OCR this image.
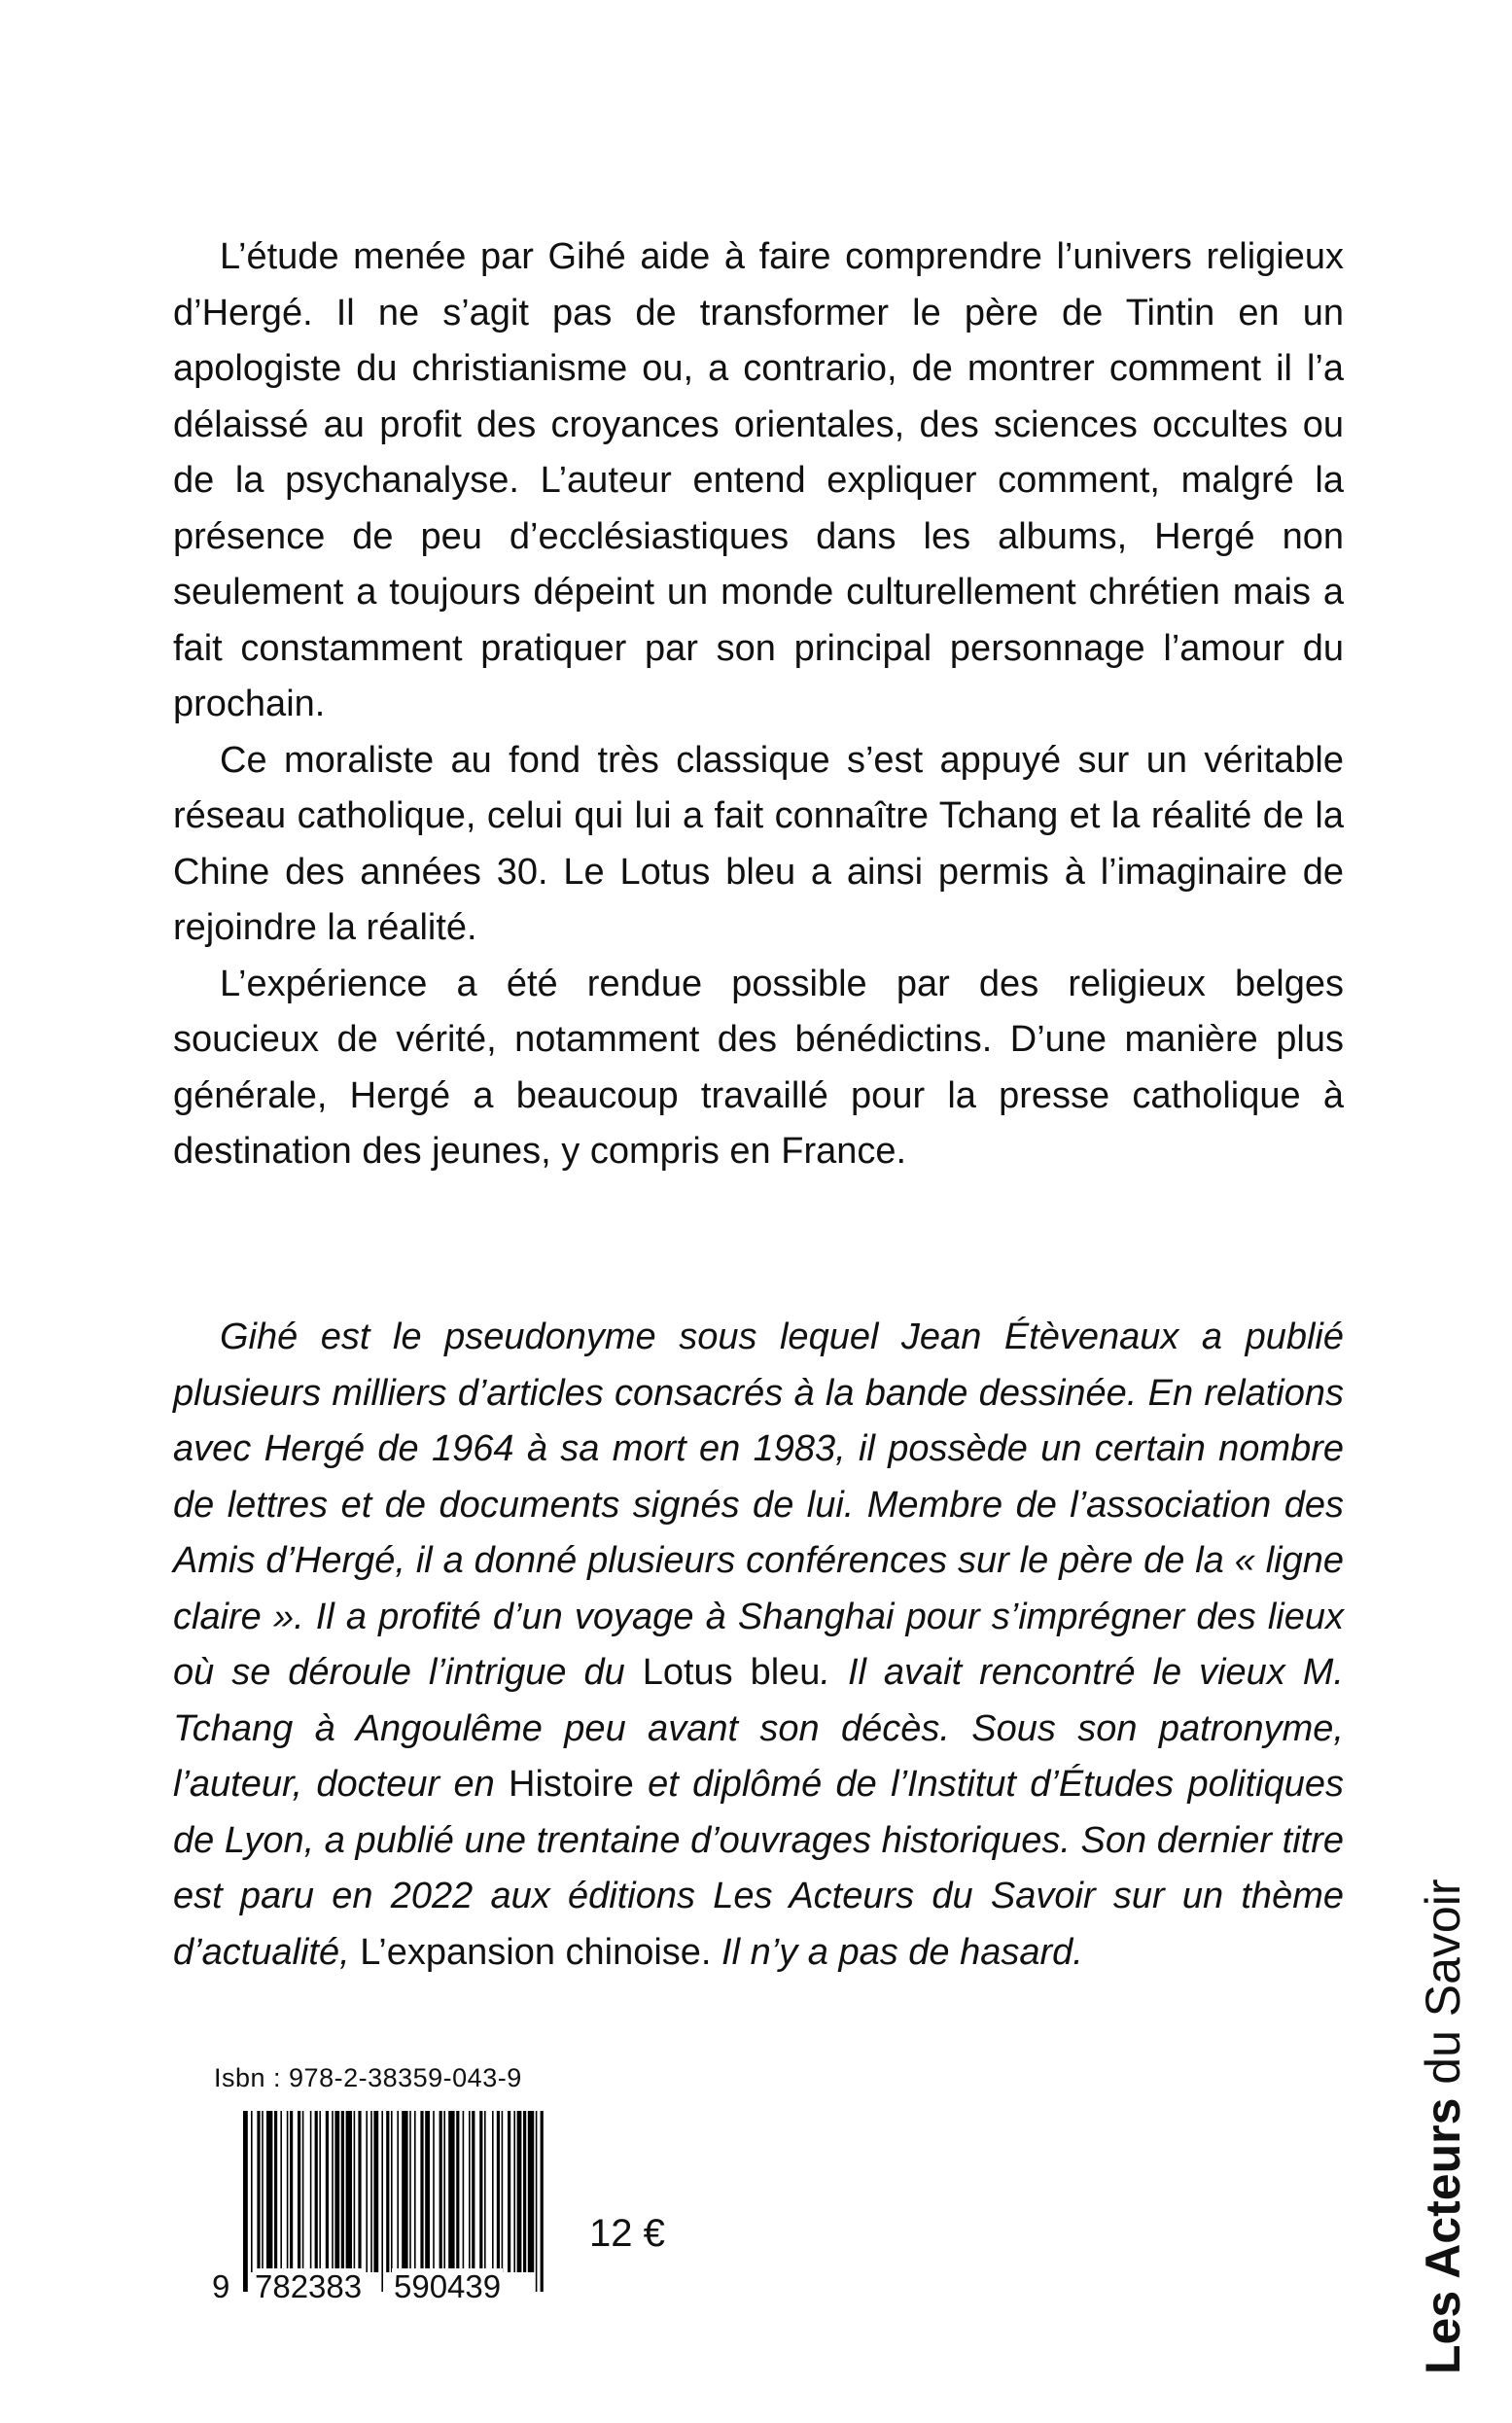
L’étude menée par Gihé aide à faire comprendre l’univers religieux d’Hergé. Il ne s’agit pas de transformer le père de Tintin en un apologiste du christianisme ou, a contrario, de montrer comment il l’a délaissé au profit des croyances orientales, des sciences occultes ou de la psychanalyse. L’auteur entend expliquer comment, malgré la présence de peu d’ecclésiastiques dans les albums, Hergé non seulement a toujours dépeint un monde culturellement chrétien mais a fait constamment pratiquer par son principal personnage l’amour du prochain.

Ce moraliste au fond très classique s’est appuyé sur un véritable réseau catholique, celui qui lui a fait connaître Tchang et la réalité de la Chine des années 30. Le Lotus bleu a ainsi permis à l’imaginaire de rejoindre la réalité.

L’expérience a été rendue possible par des religieux belges soucieux de vérité, notamment des bénédictins. D’une manière plus générale, Hergé a beaucoup travaillé pour la presse catholique à destination des jeunes, y compris en France.

Gihé est le pseudonyme sous lequel Jean Étèvenaux a publié plusieurs milliers d’articles consacrés à la bande dessinée. En relations avec Hergé de 1964 à sa mort en 1983, il possède un certain nombre de lettres et de documents signés de lui. Membre de l’association des Amis d’Hergé, il a donné plusieurs conférences sur le père de la « ligne claire ». Il a profité d’un voyage à Shanghai pour s’imprégner des lieux où se déroule l’intrigue du Lotus bleu. Il avait rencontré le vieux M. Tchang à Angoulême peu avant son décès. Sous son patronyme, l’auteur, docteur en Histoire et diplômé de l’Institut d’Études politiques de Lyon, a publié une trentaine d’ouvrages historiques. Son dernier titre est paru en 2022 aux éditions Les Acteurs du Savoir sur un thème d’actualité, L’expansion chinoise. Il n’y a pas de hasard.

Isbn : 978-2-38359-043-9
9 782383 590439
12 €	Les Acteurs du Savoir
